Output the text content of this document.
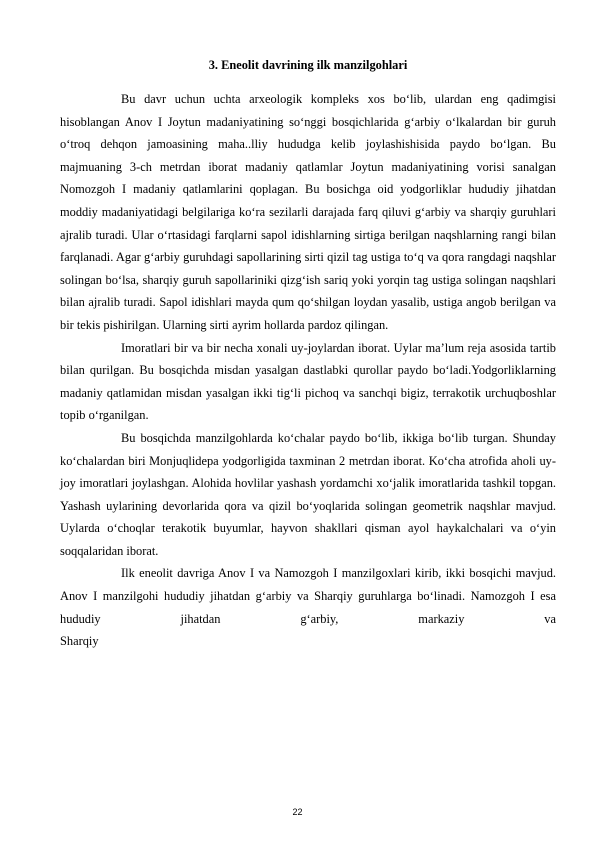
3. Eneolit davrining ilk manzilgohlari

Bu davr uchun uchta arxeologik kompleks xos bo‘lib, ulardan eng qadimgisi hisoblangan Anov I Joytun madaniyatining so‘nggi bosqichlarida g‘arbiy o‘lkalardan bir guruh o‘troq dehqon jamoasining maha..lliy hududga kelib joylashishisida paydo bo‘lgan. Bu majmuaning 3-ch metrdan iborat madaniy qatlamlar Joytun madaniyatining vorisi sanalgan Nomozgoh I madaniy qatlamlarini qoplagan. Bu bosichga oid yodgorliklar hududiy jihatdan moddiy madaniyatidagi belgilariga ko‘ra sezilarli darajada farq qiluvi g‘arbiy va sharqiy guruhlari ajralib turadi. Ular o‘rtasidagi farqlarni sapol idishlarning sirtiga berilgan naqshlarning rangi bilan farqlanadi. Agar g‘arbiy guruhdagi sapollarining sirti qizil tag ustiga to‘q va qora rangdagi naqshlar solingan bo‘lsa, sharqiy guruh sapollariniki qizg‘ish sariq yoki yorqin tag ustiga solingan naqshlari bilan ajralib turadi. Sapol idishlari mayda qum qo‘shilgan loydan yasalib, ustiga angob berilgan va bir tekis pishirilgan. Ularning sirti ayrim hollarda pardoz qilingan.

Imoratlari bir va bir necha xonali uy-joylardan iborat. Uylar ma’lum reja asosida tartib bilan qurilgan. Bu bosqichda misdan yasalgan dastlabki qurollar paydo bo‘ladi.Yodgorliklarning madaniy qatlamidan misdan yasalgan ikki tig‘li pichoq va sanchqi bigiz, terrakotik urchuqboshlar topib o‘rganilgan.

Bu bosqichda manzilgohlarda ko‘chalar paydo bo‘lib, ikkiga bo‘lib turgan. Shunday ko‘chalardan biri Monjuqlidepa yodgorligida taxminan 2 metrdan iborat. Ko‘cha atrofida aholi uy-joy imoratlari joylashgan. Alohida hovlilar yashash yordamchi xo‘jalik imoratlarida tashkil topgan. Yashash uylarining devorlarida qora va qizil bo‘yoqlarida solingan geometrik naqshlar mavjud. Uylarda o‘choqlar terakotik buyumlar, hayvon shakllari qisman ayol haykalchalari va o‘yin soqqalaridan iborat.

Ilk eneolit davriga Anov I va Namozgoh I manzilgoxlari kirib, ikki bosqichi mavjud. Anov I manzilgohi hududiy jihatdan g‘arbiy va Sharqiy guruhlarga bo‘linadi. Namozgoh I esa hududiy jihatdan g‘arbiy, markaziy va

Sharqiy

22
